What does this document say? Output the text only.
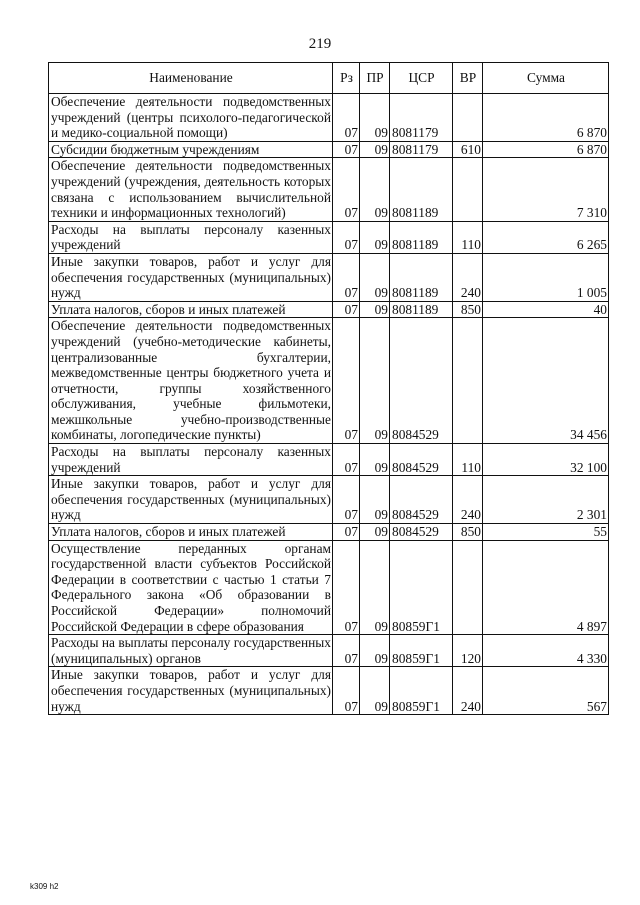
219
Наименование	Рз	ПР	ЦСР	ВР	Сумма
Обеспечение деятельности подведомственных учреждений (центры психолого-педагогической и медико-социальной помощи)	07	09	8081179		6 870
Субсидии бюджетным учреждениям	07	09	8081179	610	6 870
Обеспечение деятельности подведомственных учреждений (учреждения, деятельность которых связана с использованием вычислительной техники и информационных технологий)	07	09	8081189		7 310
Расходы на выплаты персоналу казенных учреждений	07	09	8081189	110	6 265
Иные закупки товаров, работ и услуг для обеспечения государственных (муниципальных) нужд	07	09	8081189	240	1 005
Уплата налогов, сборов и иных платежей	07	09	8081189	850	40
Обеспечение деятельности подведомственных учреждений (учебно-методические кабинеты, централизованные бухгалтерии, межведомственные центры бюджетного учета и отчетности, группы хозяйственного обслуживания, учебные фильмотеки, межшкольные учебно-производственные комбинаты, логопедические пункты)	07	09	8084529		34 456
Расходы на выплаты персоналу казенных учреждений	07	09	8084529	110	32 100
Иные закупки товаров, работ и услуг для обеспечения государственных (муниципальных) нужд	07	09	8084529	240	2 301
Уплата налогов, сборов и иных платежей	07	09	8084529	850	55
Осуществление переданных органам государственной власти субъектов Российской Федерации в соответствии с частью 1 статьи 7 Федерального закона «Об образовании в Российской Федерации» полномочий Российской Федерации в сфере образования	07	09	80859Г1		4 897
Расходы на выплаты персоналу государственных (муниципальных) органов	07	09	80859Г1	120	4 330
Иные закупки товаров, работ и услуг для обеспечения государственных (муниципальных) нужд	07	09	80859Г1	240	567
k309 h2
